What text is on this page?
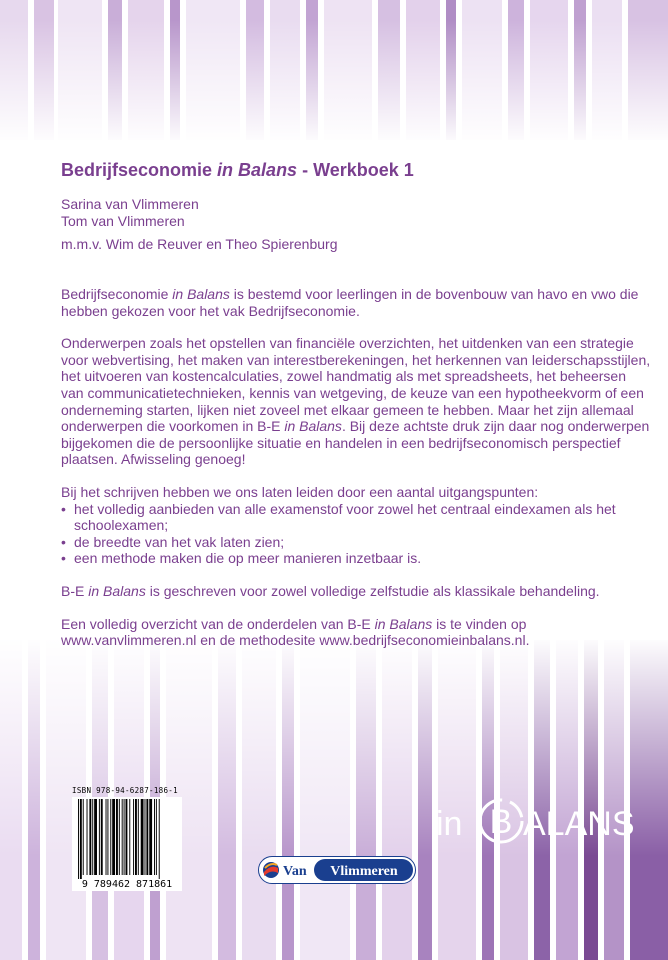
Bedrijfseconomie in Balans - Werkboek 1
Sarina van Vlimmeren
Tom van Vlimmeren
m.m.v. Wim de Reuver en Theo Spierenburg

Bedrijfseconomie in Balans is bestemd voor leerlingen in de bovenbouw van havo en vwo die hebben gekozen voor het vak Bedrijfseconomie.

Onderwerpen zoals het opstellen van financiële overzichten, het uitdenken van een strategie voor webvertising, het maken van interestberekeningen, het herkennen van leiderschapsstijlen, het uitvoeren van kostencalculaties, zowel handmatig als met spreadsheets, het beheersen van communicatietechnieken, kennis van wetgeving, de keuze van een hypotheekvorm of een onderneming starten, lijken niet zoveel met elkaar gemeen te hebben. Maar het zijn allemaal onderwerpen die voorkomen in B-E in Balans. Bij deze achtste druk zijn daar nog onderwerpen bijgekomen die de persoonlijke situatie en handelen in een bedrijfseconomisch perspectief plaatsen. Afwisseling genoeg!

Bij het schrijven hebben we ons laten leiden door een aantal uitgangspunten:

• het volledig aanbieden van alle examenstof voor zowel het centraal eindexamen als het schoolexamen;
• de breedte van het vak laten zien;
• een methode maken die op meer manieren inzetbaar is.

B-E in Balans is geschreven voor zowel volledige zelfstudie als klassikale behandeling.

Een volledig overzicht van de onderdelen van B-E in Balans is te vinden op www.vanvlimmeren.nl en de methodesite www.bedrijfseconomieinbalans.nl.

ISBN 978-94-6287-186-1
9 789462 871861
Van Vlimmeren
in B ALANS
